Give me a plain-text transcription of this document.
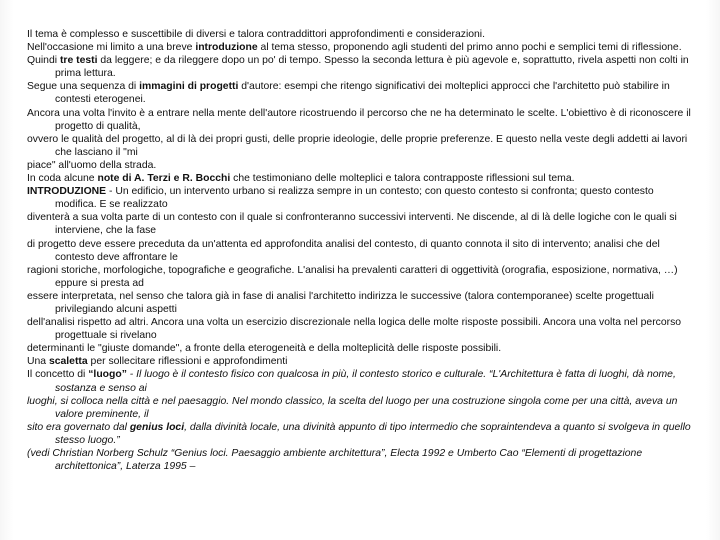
Il tema è complesso e suscettibile di diversi e talora contraddittori approfondimenti e considerazioni.

Nell'occasione mi limito a una breve introduzione al tema stesso, proponendo agli studenti del primo anno pochi e semplici temi di riflessione.

Quindi tre testi da leggere; e da rileggere dopo un po' di tempo. Spesso la seconda lettura è più agevole e, soprattutto, rivela aspetti non colti in prima lettura.

Segue una sequenza di immagini di progetti d'autore: esempi che ritengo significativi dei molteplici approcci che l'architetto può stabilire in contesti eterogenei.

Ancora una volta l'invito è a entrare nella mente dell'autore ricostruendo il percorso che ne ha determinato le scelte. L'obiettivo è di riconoscere il progetto di qualità,

ovvero le qualità del progetto, al di là dei propri gusti, delle proprie ideologie, delle proprie preferenze. E questo nella veste degli addetti ai lavori che lasciano il "mi

piace" all'uomo della strada.

In coda alcune note di A. Terzi e R. Bocchi che testimoniano delle molteplici e talora contrapposte riflessioni sul tema.

INTRODUZIONE - Un edificio, un intervento urbano si realizza sempre in un contesto; con questo contesto si confronta; questo contesto modifica. E se realizzato

diventerà a sua volta parte di un contesto con il quale si confronteranno successivi interventi. Ne discende, al di là delle logiche con le quali si interviene, che la fase

di progetto deve essere preceduta da un'attenta ed approfondita analisi del contesto, di quanto connota il sito di intervento; analisi che del contesto deve affrontare le

ragioni storiche, morfologiche, topografiche e geografiche. L'analisi ha prevalenti caratteri di oggettività (orografia, esposizione, normativa, …) eppure si presta ad

essere interpretata, nel senso che talora già in fase di analisi l'architetto indirizza le successive (talora contemporanee) scelte progettuali privilegiando alcuni aspetti

dell'analisi rispetto ad altri. Ancora una volta un esercizio discrezionale nella logica delle molte risposte possibili. Ancora una volta nel percorso progettuale si rivelano

determinanti le "giuste domande", a fronte della eterogeneità e della molteplicità delle risposte possibili.

Una scaletta per sollecitare riflessioni e approfondimenti

Il concetto di “luogo” - Il luogo è il contesto fisico con qualcosa in più, il contesto storico e culturale. “L'Architettura è fatta di luoghi, dà nome, sostanza e senso ai

luoghi, si colloca nella città e nel paesaggio. Nel mondo classico, la scelta del luogo per una costruzione singola come per una città, aveva un valore preminente, il

sito era governato dal genius loci, dalla divinità locale, una divinità appunto di tipo intermedio che sopraintendeva a quanto si svolgeva in quello stesso luogo.”

(vedi Christian Norberg Schulz “Genius loci. Paesaggio ambiente architettura”, Electa 1992 e Umberto Cao “Elementi di progettazione architettonica”, Laterza 1995 –
